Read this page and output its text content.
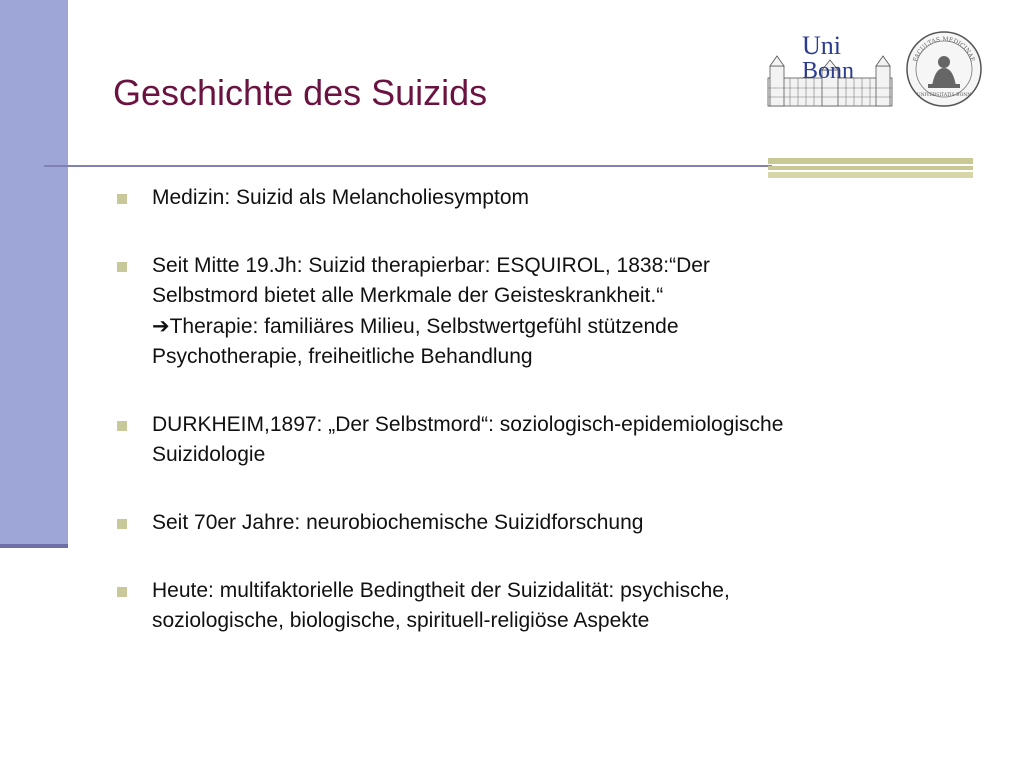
Geschichte des Suizids
Uni
Bonn	FACULTAS MEDICINAE
UNIVERSITATIS BONN
Medizin: Suizid als Melancholiesymptom
Seit Mitte 19.Jh: Suizid therapierbar: ESQUIROL, 1838:“Der
Selbstmord bietet alle Merkmale der Geisteskrankheit.“
➔Therapie: familiäres Milieu, Selbstwertgefühl stützende
Psychotherapie, freiheitliche Behandlung
DURKHEIM,1897: „Der Selbstmord“: soziologisch-epidemiologische
Suizidologie
Seit 70er Jahre: neurobiochemische Suizidforschung
Heute: multifaktorielle Bedingtheit der Suizidalität: psychische,
soziologische, biologische, spirituell-religiöse Aspekte
